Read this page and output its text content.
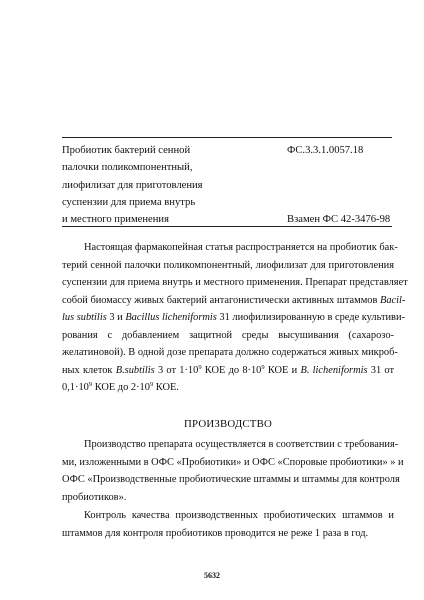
Пробиотик бактерий сенной
палочки поликомпонентный,
лиофилизат для приготовления
суспензии для приема внутрь
и местного применения
ФС.3.3.1.0057.18
Взамен ФС 42-3476-98
Настоящая фармакопейная статья распространяется на пробиотик бак-
терий сенной палочки поликомпонентный, лиофилизат для приготовления
суспензии для приема внутрь и местного применения. Препарат представляет
собой биомассу живых бактерий антагонистически активных штаммов Bacil-
lus subtilis 3 и Bacillus licheniformis 31 лиофилизированную в среде культиви-
рования с добавлением защитной среды высушивания (сахарозо-
желатиновой). В одной дозе препарата должно содержаться живых микроб-
ных клеток B.subtilis 3 от $1\cdot 10^9$ КОЕ до $8\cdot 10^9$ КОЕ и B. licheniformis 31 от
$0,1\cdot 10^9$ КОЕ до $2\cdot 10^9$ КОЕ.
ПРОИЗВОДСТВО
Производство препарата осуществляется в соответствии с требования-
ми, изложенными в ОФС «Пробиотики» и ОФС «Споровые пробиотики» » и
ОФС «Производственные пробиотические штаммы и штаммы для контроля
пробиотиков».
Контроль качества производственных пробиотических штаммов и
штаммов для контроля пробиотиков проводится не реже 1 раза в год.
5632
